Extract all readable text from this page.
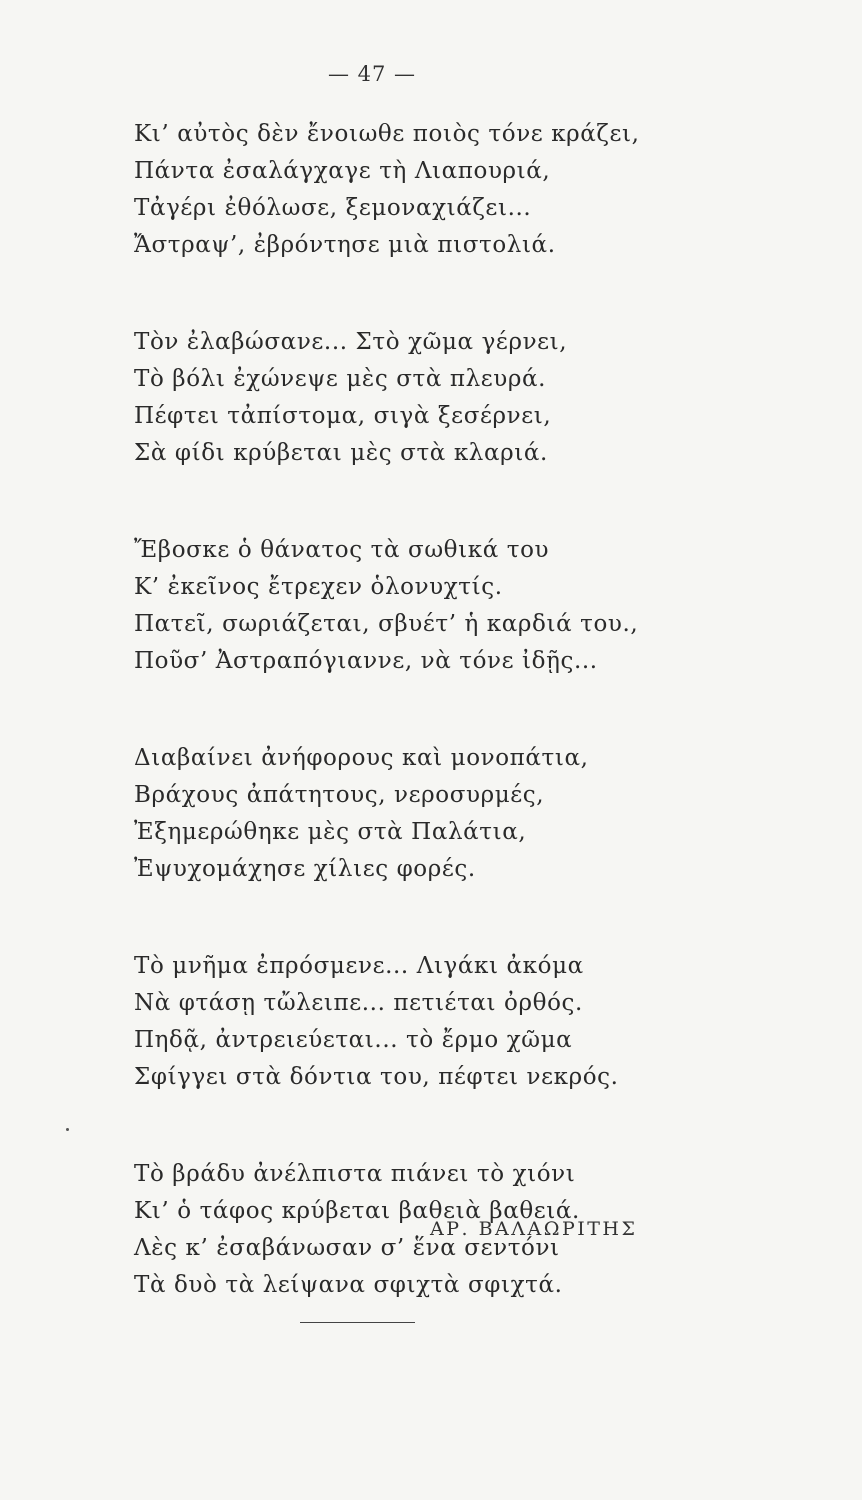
— 47 —
Κι’ αὐτὸς δὲν ἔνοιωθε ποιὸς τόνε κράζει,
Πάντα ἐσαλάγχαγε τὴ Λιαπουριά,
Τἀγέρι ἐθόλωσε, ξεμοναχιάζει...
Ἄστραψ’, ἐβρόντησε μιὰ πιστολιά.
Τὸν ἐλαβώσανε... Στὸ χῶμα γέρνει,
Τὸ βόλι ἐχώνεψε μὲς στὰ πλευρά.
Πέφτει τἀπίστομα, σιγὰ ξεσέρνει,
Σὰ φίδι κρύβεται μὲς στὰ κλαριά.
Ἔβοσκε ὁ θάνατος τὰ σωθικά του
Κ’ ἐκεῖνος ἔτρεχεν ὁλονυχτίς.
Πατεῖ, σωριάζεται, σβυέτ’ ἡ καρδιά του.,
Ποῦσ’ Ἀστραπόγιαννε, νὰ τόνε ἰδῇς...
Διαβαίνει ἀνήφορους καὶ μονοπάτια,
Βράχους ἀπάτητους, νεροσυρμές,
Ἐξημερώθηκε μὲς στὰ Παλάτια,
Ἐψυχομάχησε χίλιες φορές.
Τὸ μνῆμα ἐπρόσμενε... Λιγάκι ἀκόμα
Νὰ φτάσῃ τὤλειπε... πετιέται ὀρθός.
Πηδᾷ, ἀντρειεύεται... τὸ ἔρμο χῶμα
Σφίγγει στὰ δόντια του, πέφτει νεκρός.
Τὸ βράδυ ἀνέλπιστα πιάνει τὸ χιόνι
Κι’ ὁ τάφος κρύβεται βαθειὰ βαθειά.
Λὲς κ’ ἐσαβάνωσαν σ’ ἕνα σεντόνι
Τὰ δυὸ τὰ λείψανα σφιχτὰ σφιχτά.
ΑΡ. ΒΑΛΑΩΡΙΤΗΣ
